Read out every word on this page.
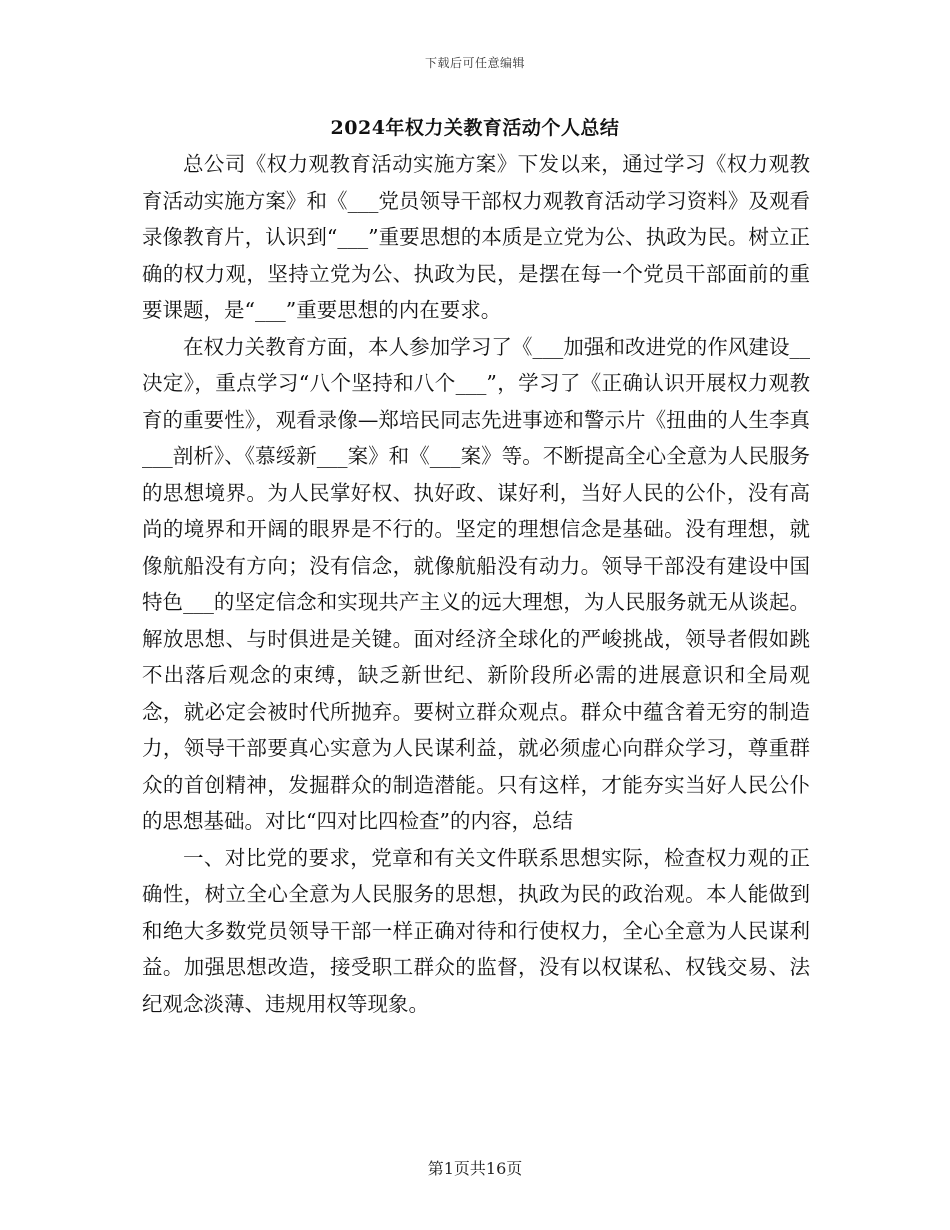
下载后可任意编辑
2024年权力关教育活动个人总结

总公司《权力观教育活动实施方案》下发以来，通过学习《权力观教育活动实施方案》和《___党员领导干部权力观教育活动学习资料》及观看录像教育片，认识到“___”重要思想的本质是立党为公、执政为民。树立正确的权力观，坚持立党为公、执政为民，是摆在每一个党员干部面前的重要课题，是“___”重要思想的内在要求。

在权力关教育方面，本人参加学习了《___加强和改进党的作风建设__决定》，重点学习“八个坚持和八个___”，学习了《正确认识开展权力观教育的重要性》，观看录像—郑培民同志先进事迹和警示片《扭曲的人生李真___剖析》、《慕绥新___案》和《___案》等。不断提高全心全意为人民服务的思想境界。为人民掌好权、执好政、谋好利，当好人民的公仆，没有高尚的境界和开阔的眼界是不行的。坚定的理想信念是基础。没有理想，就像航船没有方向；没有信念，就像航船没有动力。领导干部没有建设中国特色___的坚定信念和实现共产主义的远大理想，为人民服务就无从谈起。解放思想、与时俱进是关键。面对经济全球化的严峻挑战，领导者假如跳不出落后观念的束缚，缺乏新世纪、新阶段所必需的进展意识和全局观念，就必定会被时代所抛弃。要树立群众观点。群众中蕴含着无穷的制造力，领导干部要真心实意为人民谋利益，就必须虚心向群众学习，尊重群众的首创精神，发掘群众的制造潜能。只有这样，才能夯实当好人民公仆的思想基础。对比“四对比四检查”的内容，总结

一、对比党的要求，党章和有关文件联系思想实际，检查权力观的正确性，树立全心全意为人民服务的思想，执政为民的政治观。本人能做到和绝大多数党员领导干部一样正确对待和行使权力，全心全意为人民谋利益。加强思想改造，接受职工群众的监督，没有以权谋私、权钱交易、法纪观念淡薄、违规用权等现象。

第1页共16页
